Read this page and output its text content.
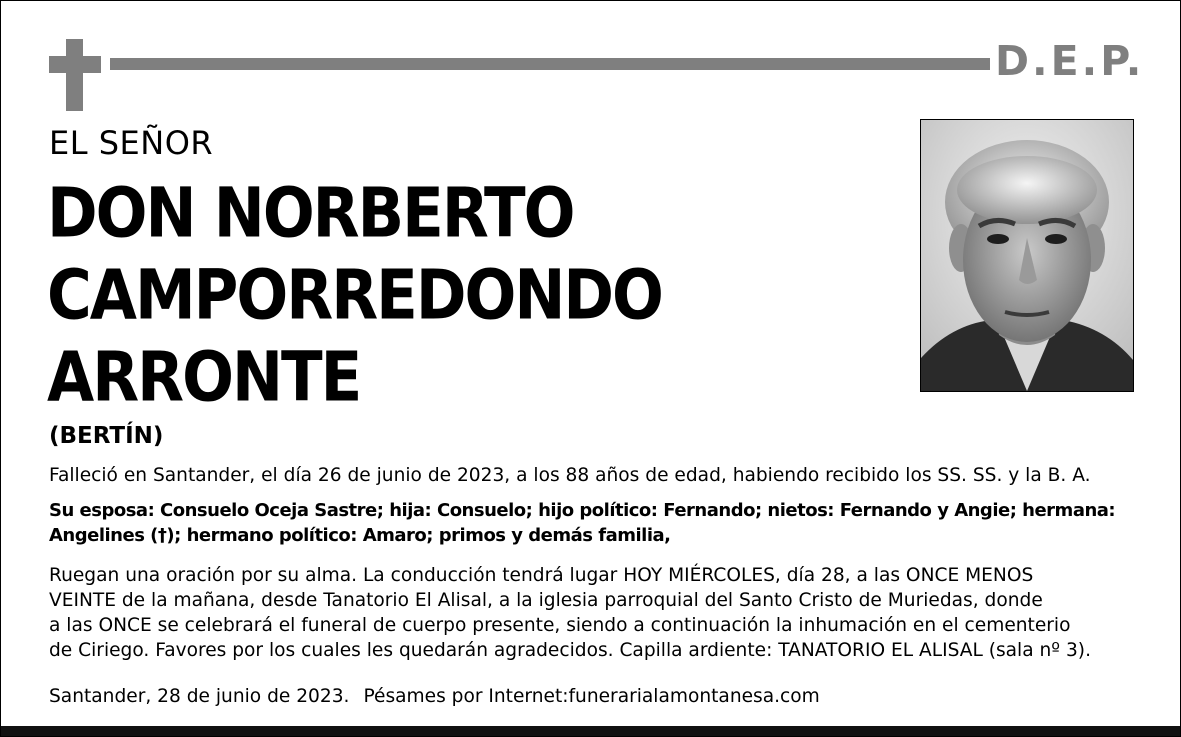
D.E.P.
EL SEÑOR
DON NORBERTO
CAMPORREDONDO
ARRONTE
(BERTÍN)
Falleció en Santander, el día 26 de junio de 2023, a los 88 años de edad, habiendo recibido los SS. SS. y la B. A.
Su esposa: Consuelo Oceja Sastre; hija: Consuelo; hijo político: Fernando; nietos: Fernando y Angie; hermana:
Angelines (†); hermano político: Amaro; primos y demás familia,
Ruegan una oración por su alma. La conducción tendrá lugar HOY MIÉRCOLES, día 28, a las ONCE MENOS
VEINTE de la mañana, desde Tanatorio El Alisal, a la iglesia parroquial del Santo Cristo de Muriedas, donde
a las ONCE se celebrará el funeral de cuerpo presente, siendo a continuación la inhumación en el cementerio
de Ciriego. Favores por los cuales les quedarán agradecidos. Capilla ardiente: TANATORIO EL ALISAL (sala nº 3).
Santander, 28 de junio de 2023. Pésames por Internet:funerarialamontanesa.com
